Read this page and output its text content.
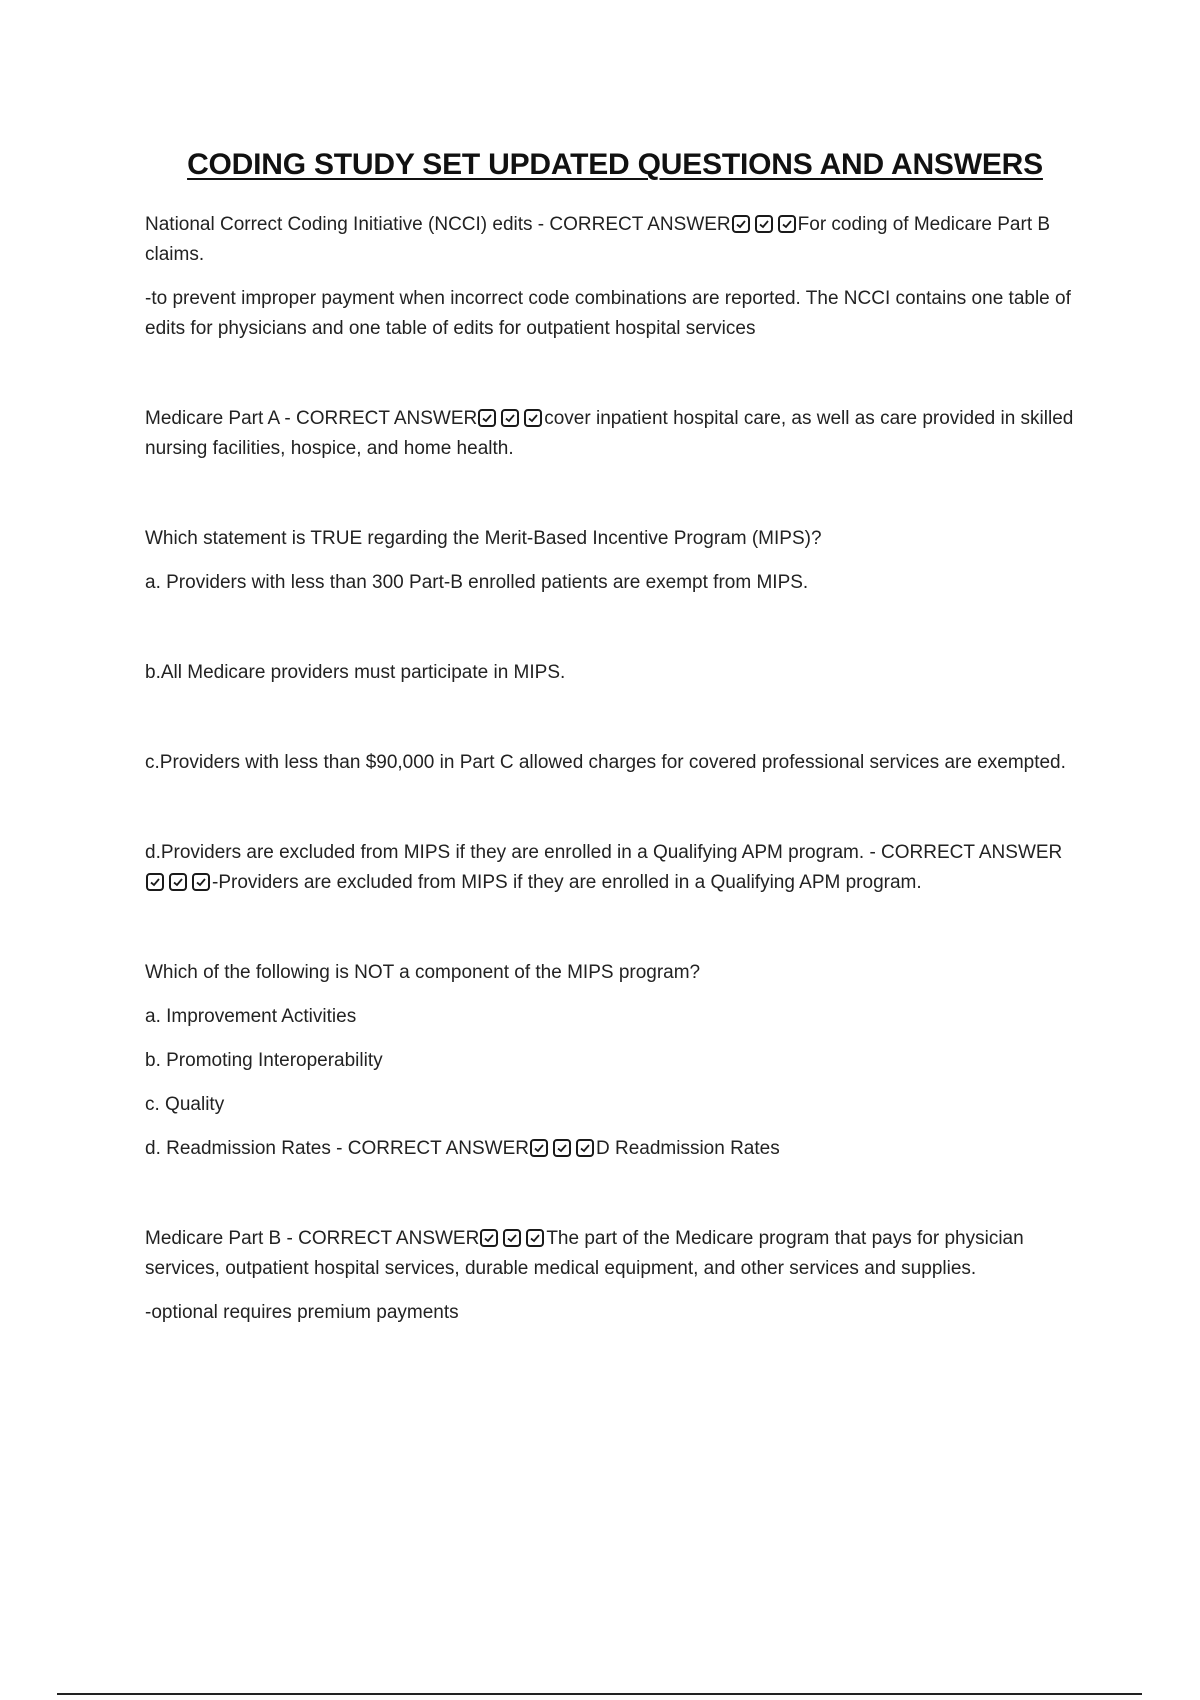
CODING STUDY SET UPDATED QUESTIONS AND ANSWERS

National Correct Coding Initiative (NCCI) edits - CORRECT ANSWER	For coding of Medicare Part B claims.

-to prevent improper payment when incorrect code combinations are reported. The NCCI contains one table of edits for physicians and one table of edits for outpatient hospital services

Medicare Part A - CORRECT ANSWER	cover inpatient hospital care, as well as care provided in skilled nursing facilities, hospice, and home health.

Which statement is TRUE regarding the Merit-Based Incentive Program (MIPS)?

a. Providers with less than 300 Part-B enrolled patients are exempt from MIPS.

b.All Medicare providers must participate in MIPS.

c.Providers with less than $90,000 in Part C allowed charges for covered professional services are exempted.

d.Providers are excluded from MIPS if they are enrolled in a Qualifying APM program. - CORRECT ANSWER
-Providers are excluded from MIPS if they are enrolled in a Qualifying APM program.

Which of the following is NOT a component of the MIPS program?

a. Improvement Activities

b. Promoting Interoperability

c. Quality

d. Readmission Rates - CORRECT ANSWER	D Readmission Rates

Medicare Part B - CORRECT ANSWER	The part of the Medicare program that pays for physician services, outpatient hospital services, durable medical equipment, and other services and supplies.

-optional requires premium payments
